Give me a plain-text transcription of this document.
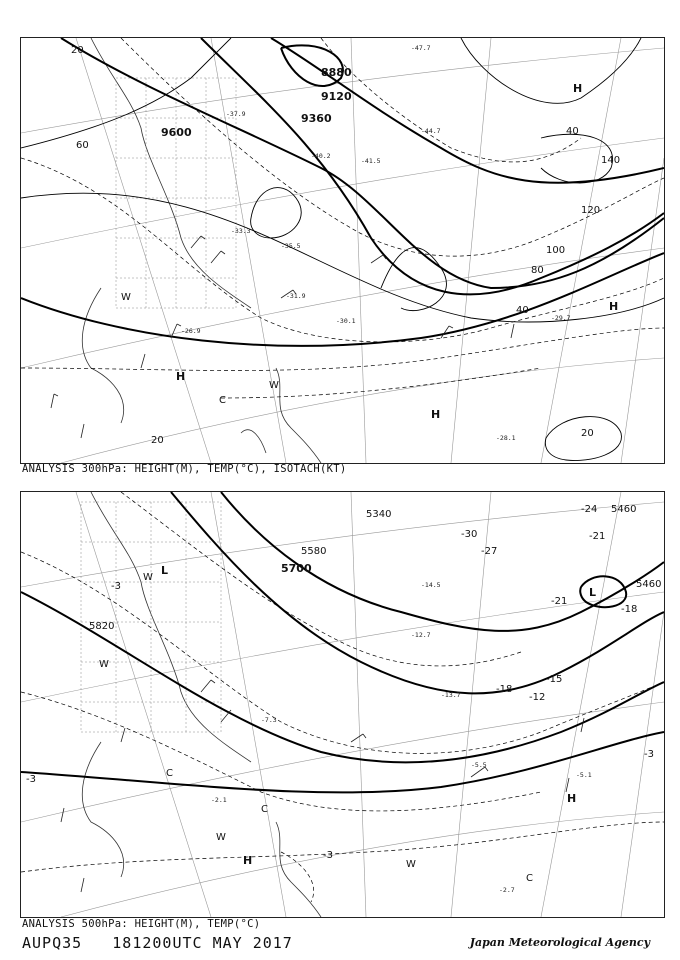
8880
9120
9360
9600
20
40
60
80
100
120
140
20
20
40
-47.7
-44.7
-41.5
-40.2
-37.9
-35.5
-33.3
-31.9
-29.7
-28.1
-26.9
-30.1
H
H
H
H
W
W
C
ANALYSIS 300hPa: HEIGHT(M), TEMP(°C), ISOTACH(KT)
5340	5460
5460
5580
5700
5820
-3
-3
-3
-3
-12
-15
-18
-18
-21
-21
-24
-27
-30
-5.5
-5.1
-14.5
-13.7
-12.7
-2.7
-2.1
-7.3
L
L
H
H
W
W
W
W
C
C
C
ANALYSIS 500hPa: HEIGHT(M), TEMP(°C)
AUPQ35 181200UTC MAY 2017	Japan Meteorological Agency
